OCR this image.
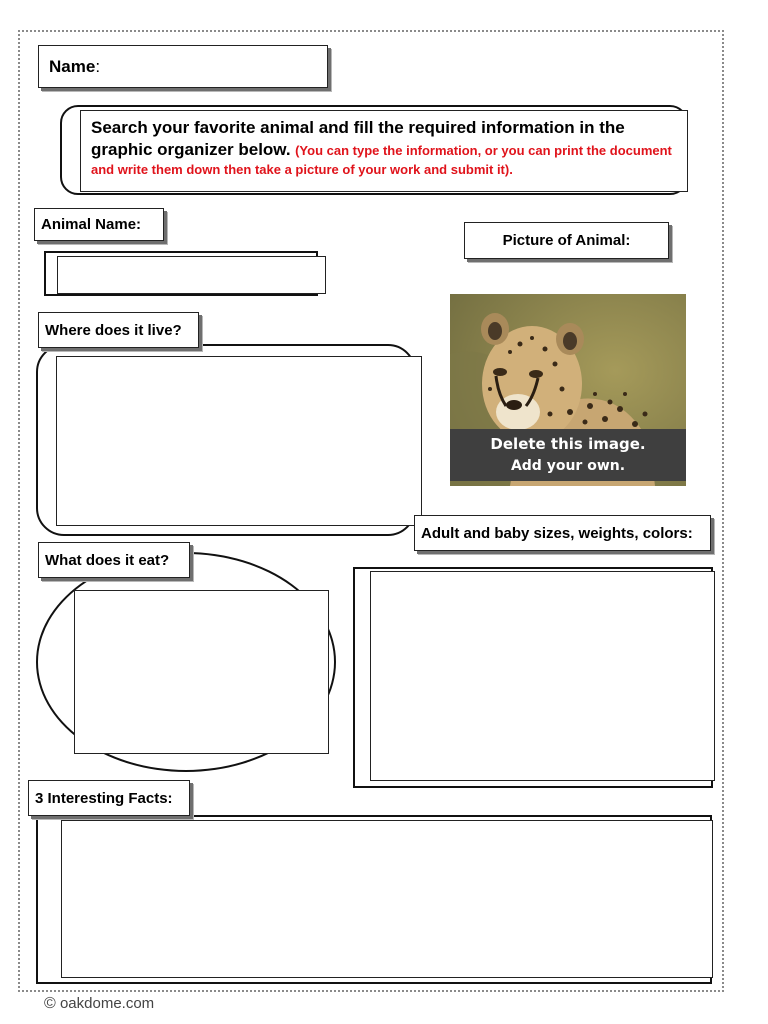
Name :
Search your favorite animal and fill the required information in the graphic organizer below. (You can type the information, or you can print the document and write them down then take a picture of your work and submit it).
Animal Name:
Picture of Animal:
Delete this image.
Add your own.
Where does it live?
Adult and baby sizes, weights, colors:
What does it eat?
3 Interesting Facts:
© oakdome.com
